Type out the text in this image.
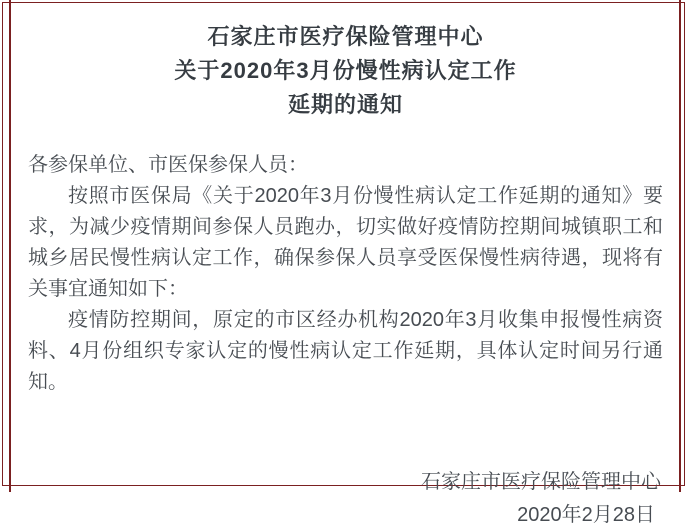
石家庄市医疗保险管理中心
关于2020年3月份慢性病认定工作
延期的通知

各参保单位、市医保参保人员：

按照市医保局《关于2020年3月份慢性病认定工作延期的通知》要求，为减少疫情期间参保人员跑办，切实做好疫情防控期间城镇职工和城乡居民慢性病认定工作，确保参保人员享受医保慢性病待遇，现将有关事宜通知如下：

疫情防控期间，原定的市区经办机构2020年3月收集申报慢性病资料、4月份组织专家认定的慢性病认定工作延期，具体认定时间另行通知。

石家庄市医疗保险管理中心
2020年2月28日
